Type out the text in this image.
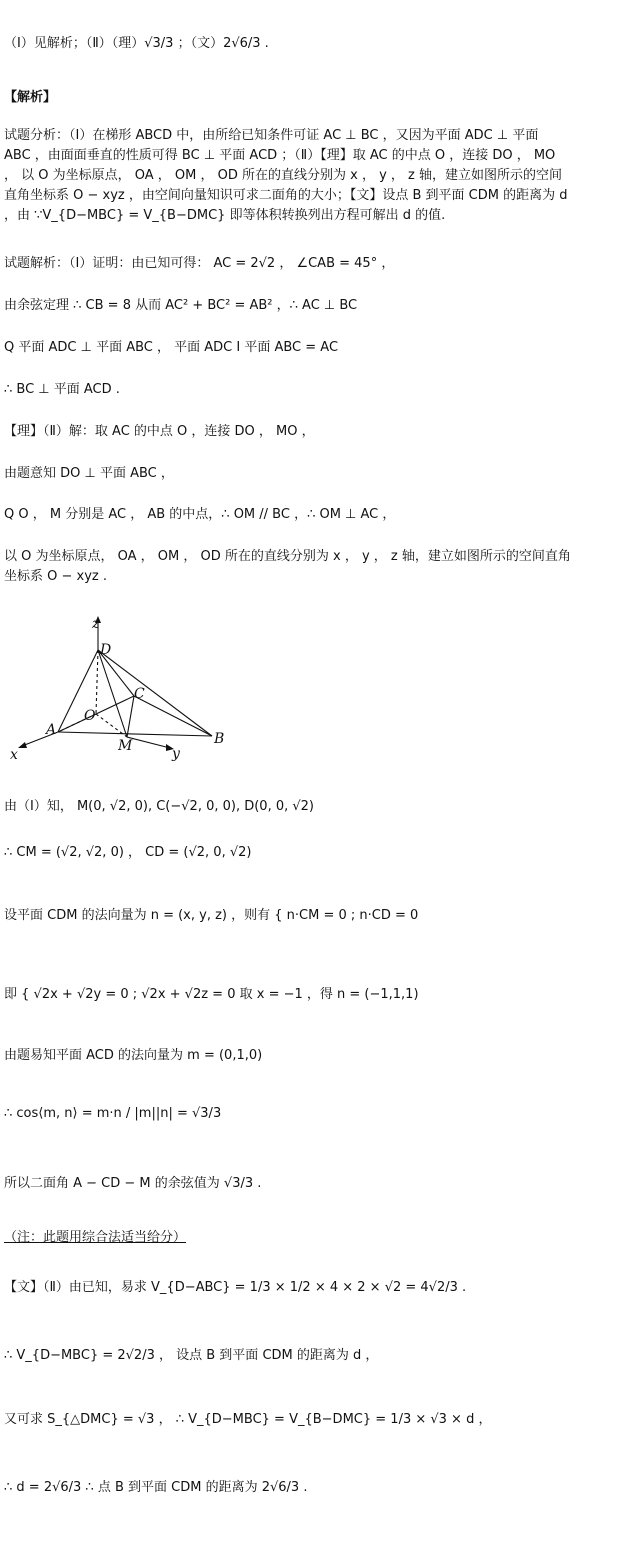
（Ⅰ）见解析；（Ⅱ）（理）√3/3 ；（文）2√6/3 .
【解析】
试题分析：（Ⅰ）在梯形 ABCD 中，由所给已知条件可证 AC ⊥ BC ，又因为平面 ADC ⊥ 平面
ABC ，由面面垂直的性质可得 BC ⊥ 平面 ACD ；（Ⅱ）【理】取 AC 的中点 O ，连接 DO ， MO
， 以 O 为坐标原点， OA ， OM ， OD 所在的直线分别为 x ， y ， z 轴，建立如图所示的空间
直角坐标系 O − xyz ，由空间向量知识可求二面角的大小；【文】设点 B 到平面 CDM 的距离为 d
，由 ∵V_{D−MBC} = V_{B−DMC} 即等体积转换列出方程可解出 d 的值.
试题解析：（Ⅰ）证明：由已知可得： AC = 2√2 ， ∠CAB = 45° ，
由余弦定理 ∴ CB = 8 从而 AC² + BC² = AB² ，∴ AC ⊥ BC
Q 平面 ADC ⊥ 平面 ABC ， 平面 ADC I 平面 ABC = AC
∴ BC ⊥ 平面 ACD .
【理】（Ⅱ）解：取 AC 的中点 O ，连接 DO ， MO ，
由题意知 DO ⊥ 平面 ABC ，
Q O ， M 分别是 AC ， AB 的中点，∴ OM // BC ，∴ OM ⊥ AC ，
以 O 为坐标原点， OA ， OM ， OD 所在的直线分别为 x ， y ， z 轴，建立如图所示的空间直角
坐标系 O − xyz .
z
D
C
O
A
M	B
x	y
由（Ⅰ）知， M(0, √2, 0), C(−√2, 0, 0), D(0, 0, √2)
∴ CM = (√2, √2, 0) ， CD = (√2, 0, √2)
设平面 CDM 的法向量为 n = (x, y, z) ，则有 { n·CM = 0 ; n·CD = 0
即 { √2x + √2y = 0 ; √2x + √2z = 0 取 x = −1 ，得 n = (−1,1,1)
由题易知平面 ACD 的法向量为 m = (0,1,0)
∴ cos⟨m, n⟩ = m·n / |m||n| = √3/3
所以二面角 A − CD − M 的余弦值为 √3/3 .
（注：此题用综合法适当给分）
【文】（Ⅱ）由已知，易求 V_{D−ABC} = 1/3 × 1/2 × 4 × 2 × √2 = 4√2/3 .
∴ V_{D−MBC} = 2√2/3 ， 设点 B 到平面 CDM 的距离为 d ，
又可求 S_{△DMC} = √3 ， ∴ V_{D−MBC} = V_{B−DMC} = 1/3 × √3 × d ，
∴ d = 2√6/3 ∴ 点 B 到平面 CDM 的距离为 2√6/3 .
